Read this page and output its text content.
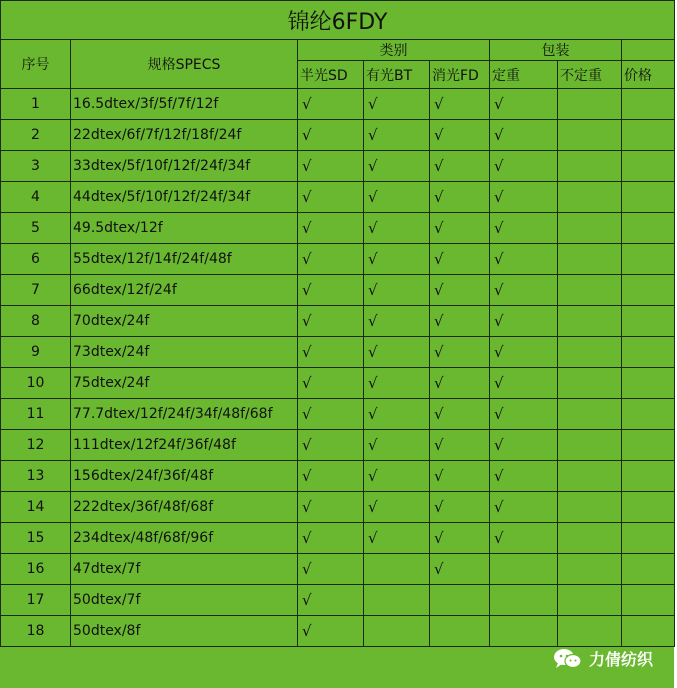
锦纶6FDY							
序号	规格SPECS	类别			包装		
		半光SD	有光BT	消光FD	定重	不定重	价格
1	16.5dtex/3f/5f/7f/12f	√	√	√	√		
2	22dtex/6f/7f/12f/18f/24f	√	√	√	√		
3	33dtex/5f/10f/12f/24f/34f	√	√	√	√		
4	44dtex/5f/10f/12f/24f/34f	√	√	√	√		
5	49.5dtex/12f	√	√	√	√		
6	55dtex/12f/14f/24f/48f	√	√	√	√		
7	66dtex/12f/24f	√	√	√	√		
8	70dtex/24f	√	√	√	√		
9	73dtex/24f	√	√	√	√		
10	75dtex/24f	√	√	√	√		
11	77.7dtex/12f/24f/34f/48f/68f	√	√	√	√		
12	111dtex/12f24f/36f/48f	√	√	√	√		
13	156dtex/24f/36f/48f	√	√	√	√		
14	222dtex/36f/48f/68f	√	√	√	√		
15	234dtex/48f/68f/96f	√	√	√	√		
16	47dtex/7f	√		√			
17	50dtex/7f	√					
18	50dtex/8f	√					
力倩纺织
